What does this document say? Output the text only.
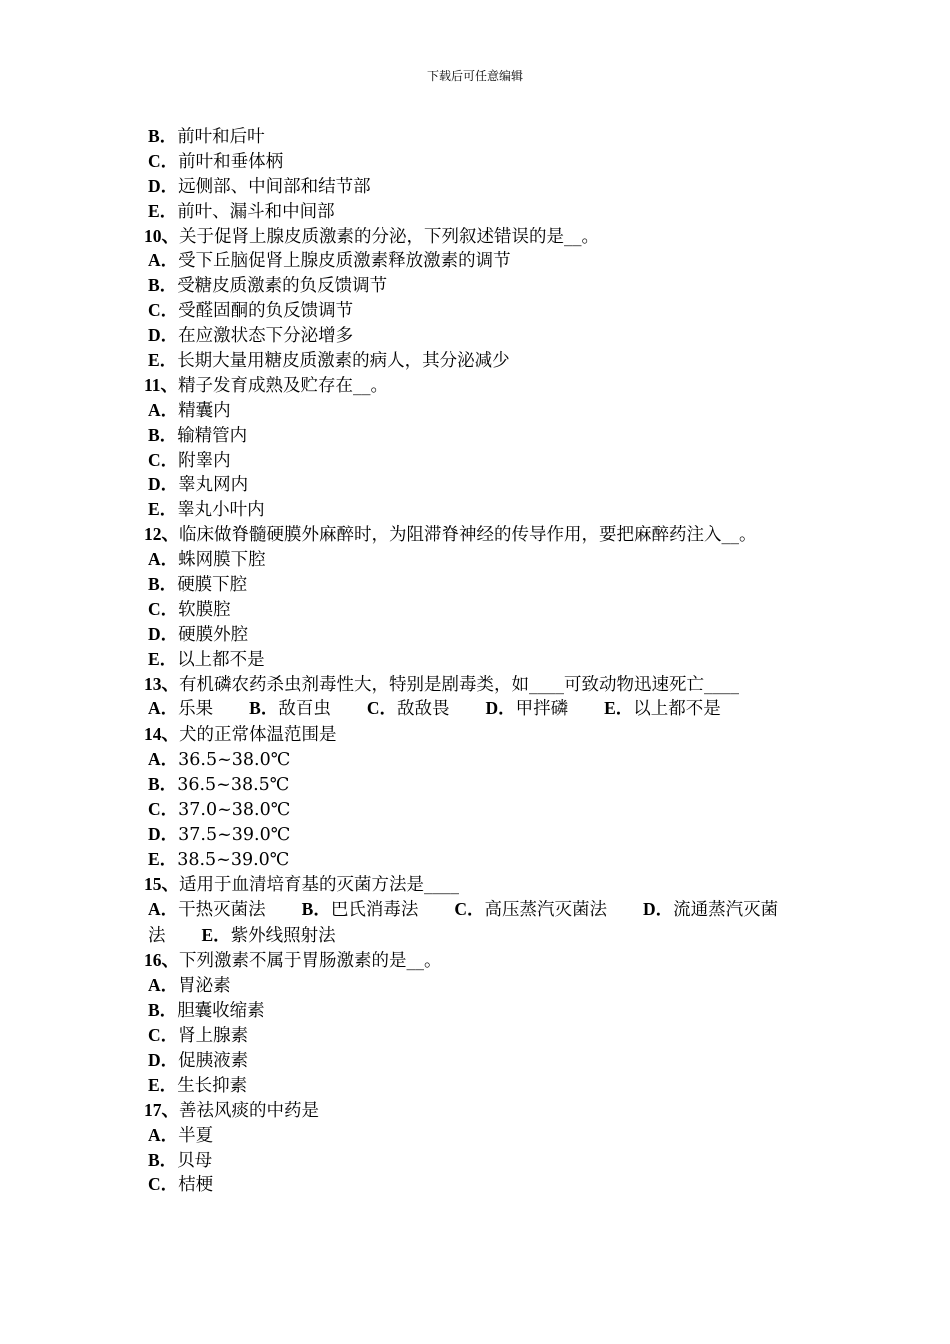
下载后可任意编辑
B．前叶和后叶
C．前叶和垂体柄
D．远侧部、中间部和结节部
E．前叶、漏斗和中间部
10、关于促肾上腺皮质激素的分泌，下列叙述错误的是__。
A．受下丘脑促肾上腺皮质激素释放激素的调节
B．受糖皮质激素的负反馈调节
C．受醛固酮的负反馈调节
D．在应激状态下分泌增多
E．长期大量用糖皮质激素的病人，其分泌减少
11、精子发育成熟及贮存在__。
A．精囊内
B．输精管内
C．附睾内
D．睾丸网内
E．睾丸小叶内
12、临床做脊髓硬膜外麻醉时，为阻滞脊神经的传导作用，要把麻醉药注入__。
A．蛛网膜下腔
B．硬膜下腔
C．软膜腔
D．硬膜外腔
E．以上都不是
13、有机磷农药杀虫剂毒性大，特别是剧毒类，如____可致动物迅速死亡____
A．乐果 B．敌百虫 C．敌敌畏 D．甲拌磷 E．以上都不是
14、犬的正常体温范围是
A．36.5~38.0℃
B．36.5~38.5℃
C．37.0~38.0℃
D．37.5~39.0℃
E．38.5~39.0℃
15、适用于血清培育基的灭菌方法是____
A．干热灭菌法 B．巴氏消毒法 C．高压蒸汽灭菌法 D．流通蒸汽灭菌法 E．紫外线照射法
16、下列激素不属于胃肠激素的是__。
A．胃泌素
B．胆囊收缩素
C．肾上腺素
D．促胰液素
E．生长抑素
17、善祛风痰的中药是
A．半夏
B．贝母
C．桔梗
